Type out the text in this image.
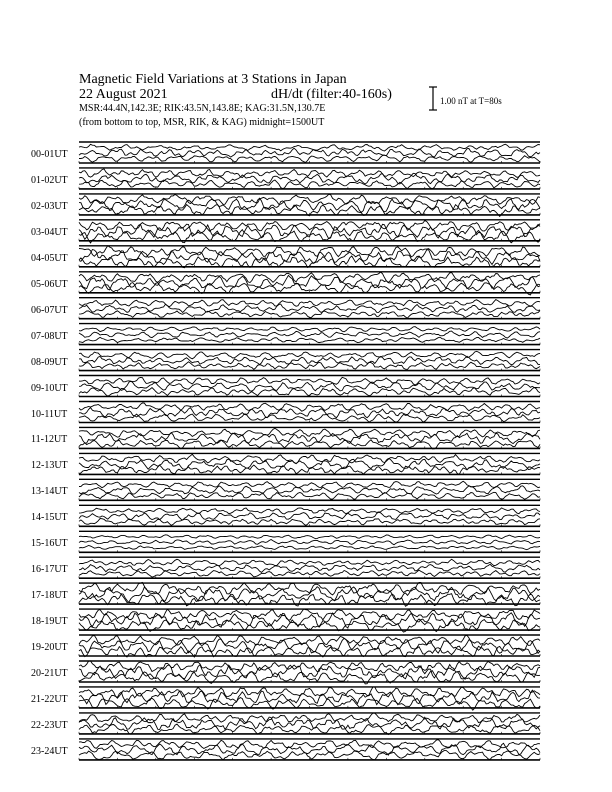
Magnetic Field Variations at 3 Stations in Japan
22 August 2021	dH/dt (filter:40-160s)
MSR:44.4N,142.3E; RIK:43.5N,143.8E; KAG:31.5N,130.7E
(from bottom to top, MSR, RIK, & KAG) midnight=1500UT
1.00 nT at T=80s
00-01UT
01-02UT
02-03UT
03-04UT
04-05UT
05-06UT
06-07UT
07-08UT
08-09UT
09-10UT
10-11UT
11-12UT
12-13UT
13-14UT
14-15UT
15-16UT
16-17UT
17-18UT
18-19UT
19-20UT
20-21UT
21-22UT
22-23UT
23-24UT
